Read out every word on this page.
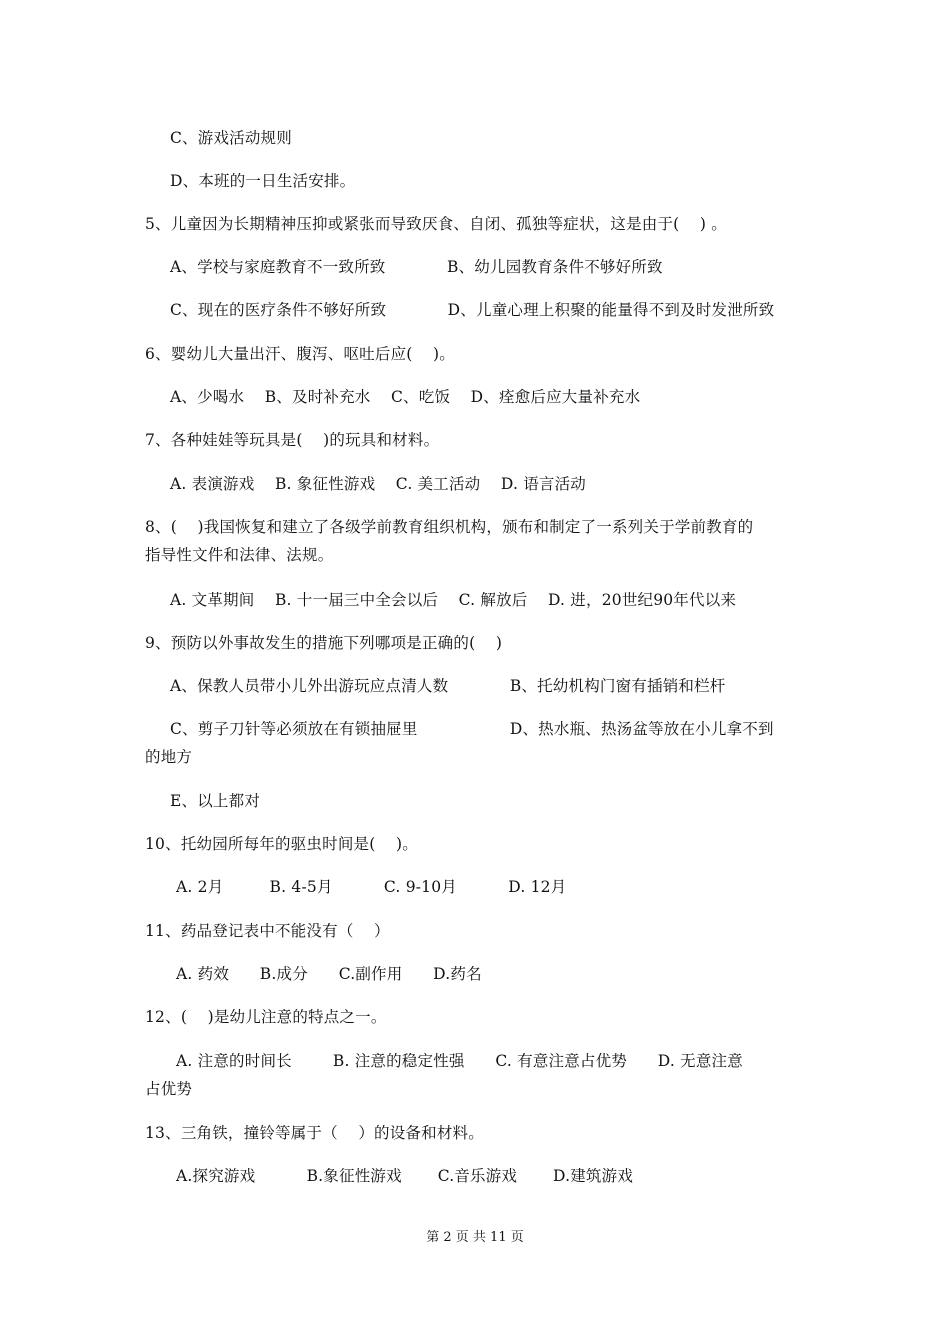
C、游戏活动规则
D、本班的一日生活安排。
5、儿童因为长期精神压抑或紧张而导致厌食、自闭、孤独等症状，这是由于(    ) 。
A、学校与家庭教育不一致所致            B、幼儿园教育条件不够好所致
C、现在的医疗条件不够好所致            D、儿童心理上积聚的能量得不到及时发泄所致
6、婴幼儿大量出汗、腹泻、呕吐后应(    )。
A、少喝水    B、及时补充水    C、吃饭    D、痊愈后应大量补充水
7、各种娃娃等玩具是(    )的玩具和材料。
A. 表演游戏    B. 象征性游戏    C. 美工活动    D. 语言活动
8、(    )我国恢复和建立了各级学前教育组织机构，颁布和制定了一系列关于学前教育的
指导性文件和法律、法规。
A. 文革期间    B. 十一届三中全会以后    C. 解放后    D. 进，20世纪90年代以来
9、预防以外事故发生的措施下列哪项是正确的(    )
A、保教人员带小儿外出游玩应点清人数            B、托幼机构门窗有插销和栏杆
C、剪子刀针等必须放在有锁抽屉里                  D、热水瓶、热汤盆等放在小儿拿不到
的地方
E、以上都对
10、托幼园所每年的驱虫时间是(    )。
A. 2月         B. 4-5月          C. 9-10月          D. 12月
11、药品登记表中不能没有（    ）
A. 药效      B.成分      C.副作用      D.药名
12、(    )是幼儿注意的特点之一。
A. 注意的时间长        B. 注意的稳定性强      C. 有意注意占优势      D. 无意注意
占优势
13、三角铁，撞铃等属于（    ）的设备和材料。
A.探究游戏          B.象征性游戏       C.音乐游戏       D.建筑游戏
第 2 页 共 11 页
